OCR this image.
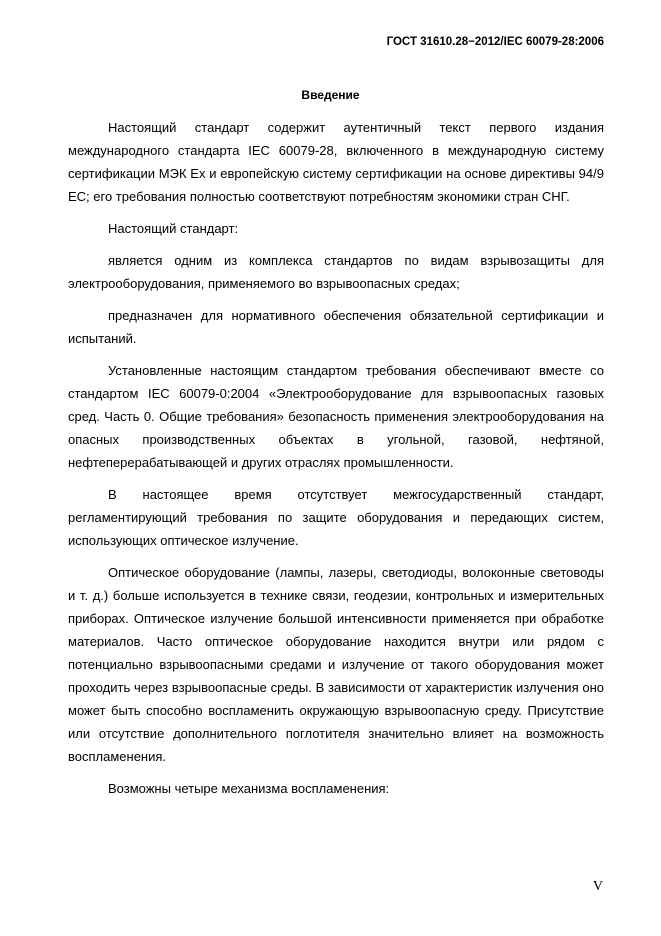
ГОСТ 31610.28−2012/IEC 60079-28:2006
Введение

Настоящий стандарт содержит аутентичный текст первого издания международного стандарта IEC 60079-28, включенного в международную систему сертификации МЭК Ex и европейскую систему сертификации на основе директивы 94/9 ЕС; его требования полностью соответствуют потребностям экономики стран СНГ.

Настоящий стандарт:

является одним из комплекса стандартов по видам взрывозащиты для электрооборудования, применяемого во взрывоопасных средах;

предназначен для нормативного обеспечения обязательной сертификации и испытаний.

Установленные настоящим стандартом требования обеспечивают вместе со стандартом IEC 60079-0:2004 «Электрооборудование для взрывоопасных газовых сред. Часть 0. Общие требования» безопасность применения электрооборудования на опасных производственных объектах в угольной, газовой, нефтяной, нефтеперерабатывающей и других отраслях промышленности.

В настоящее время отсутствует межгосударственный стандарт, регламентирующий требования по защите оборудования и передающих систем, использующих оптическое излучение.

Оптическое оборудование (лампы, лазеры, светодиоды, волоконные световоды и т. д.) больше используется в технике связи, геодезии, контрольных и измерительных приборах. Оптическое излучение большой интенсивности применяется при обработке материалов. Часто оптическое оборудование находится внутри или рядом с потенциально взрывоопасными средами и излучение от такого оборудования может проходить через взрывоопасные среды. В зависимости от характеристик излучения оно может быть способно воспламенить окружающую взрывоопасную среду. Присутствие или отсутствие дополнительного поглотителя значительно влияет на возможность воспламенения.

Возможны четыре механизма воспламенения:

V
